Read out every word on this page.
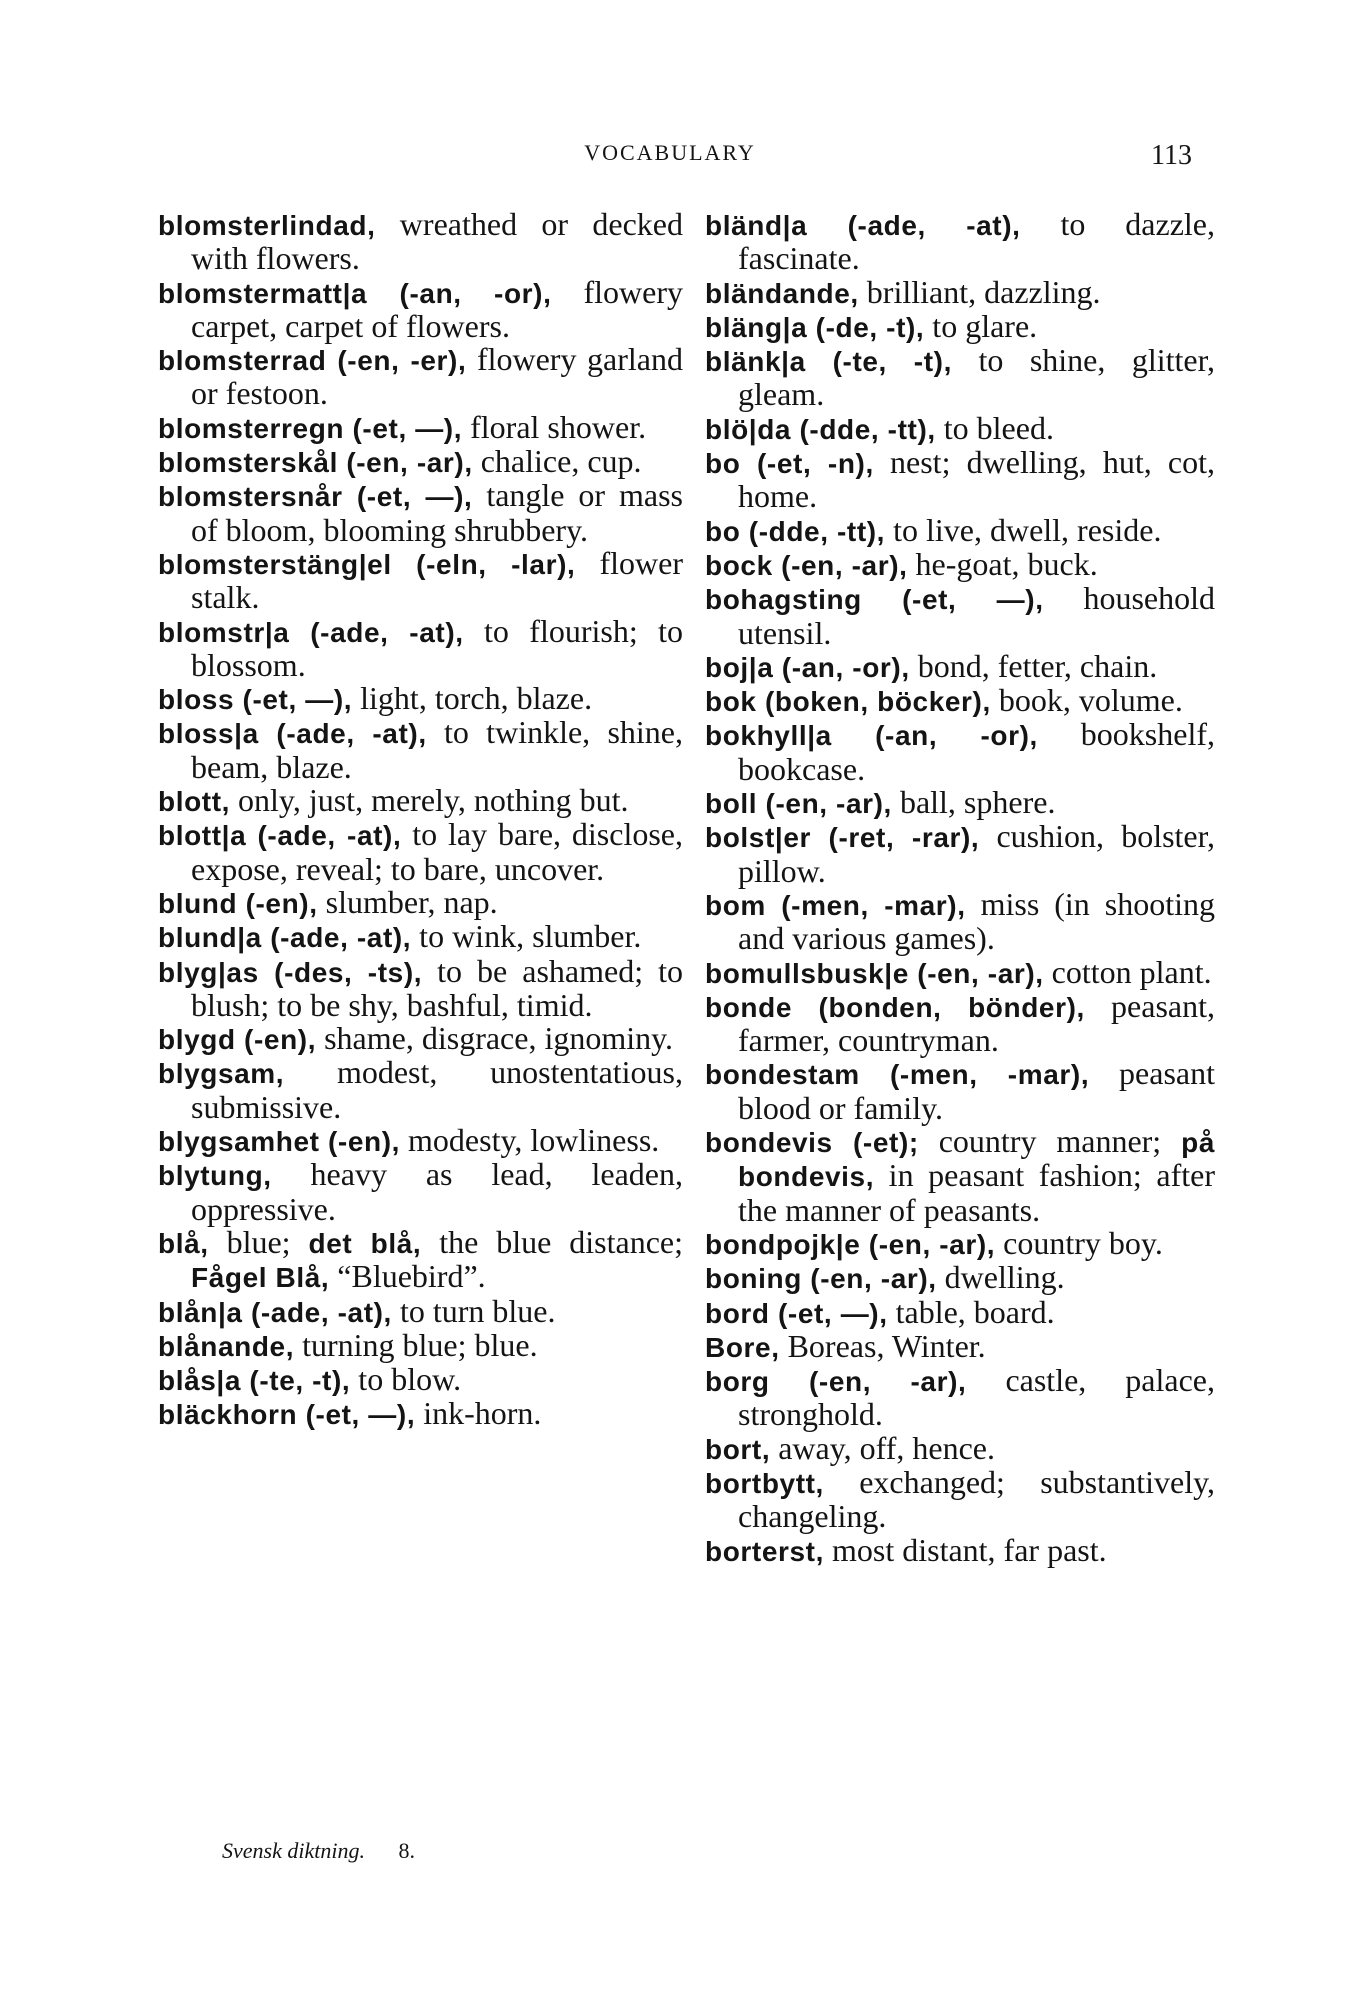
VOCABULARY	113

blomsterlindad, wreathed or decked with flowers.

blomstermatt|a (-an, -or), flowery carpet, carpet of flowers.

blomsterrad (-en, -er), flowery garland or festoon.

blomsterregn (-et, —), floral shower.

blomsterskål (-en, -ar), chalice, cup.

blomstersnår (-et, —), tangle or mass of bloom, blooming shrubbery.

blomsterstäng|el (-eln, -lar), flower stalk.

blomstr|a (-ade, -at), to flourish; to blossom.

bloss (-et, —), light, torch, blaze.

bloss|a (-ade, -at), to twinkle, shine, beam, blaze.

blott, only, just, merely, nothing but.

blott|a (-ade, -at), to lay bare, disclose, expose, reveal; to bare, uncover.

blund (-en), slumber, nap.

blund|a (-ade, -at), to wink, slumber.

blyg|as (-des, -ts), to be ashamed; to blush; to be shy, bashful, timid.

blygd (-en), shame, disgrace, ignominy.

blygsam, modest, unostentatious, submissive.

blygsamhet (-en), modesty, lowliness.

blytung, heavy as lead, leaden, oppressive.

blå, blue; det blå, the blue distance; Fågel Blå, “Bluebird”.

blån|a (-ade, -at), to turn blue.

blånande, turning blue; blue.

blås|a (-te, -t), to blow.

bläckhorn (-et, —), ink-horn.

bländ|a (-ade, -at), to dazzle, fascinate.

bländande, brilliant, dazzling.

bläng|a (-de, -t), to glare.

blänk|a (-te, -t), to shine, glitter, gleam.

blö|da (-dde, -tt), to bleed.

bo (-et, -n), nest; dwelling, hut, cot, home.

bo (-dde, -tt), to live, dwell, reside.

bock (-en, -ar), he-goat, buck.

bohagsting (-et, —), household utensil.

boj|a (-an, -or), bond, fetter, chain.

bok (boken, böcker), book, volume.

bokhyll|a (-an, -or), bookshelf, bookcase.

boll (-en, -ar), ball, sphere.

bolst|er (-ret, -rar), cushion, bolster, pillow.

bom (-men, -mar), miss (in shooting and various games).

bomullsbusk|e (-en, -ar), cotton plant.

bonde (bonden, bönder), peasant, farmer, countryman.

bondestam (-men, -mar), peasant blood or family.

bondevis (-et); country manner; på bondevis, in peasant fashion; after the manner of peasants.

bondpojk|e (-en, -ar), country boy.

boning (-en, -ar), dwelling.

bord (-et, —), table, board.

Bore, Boreas, Winter.

borg (-en, -ar), castle, palace, stronghold.

bort, away, off, hence.

bortbytt, exchanged; substantively, changeling.

borterst, most distant, far past.

Svensk diktning. 8.
